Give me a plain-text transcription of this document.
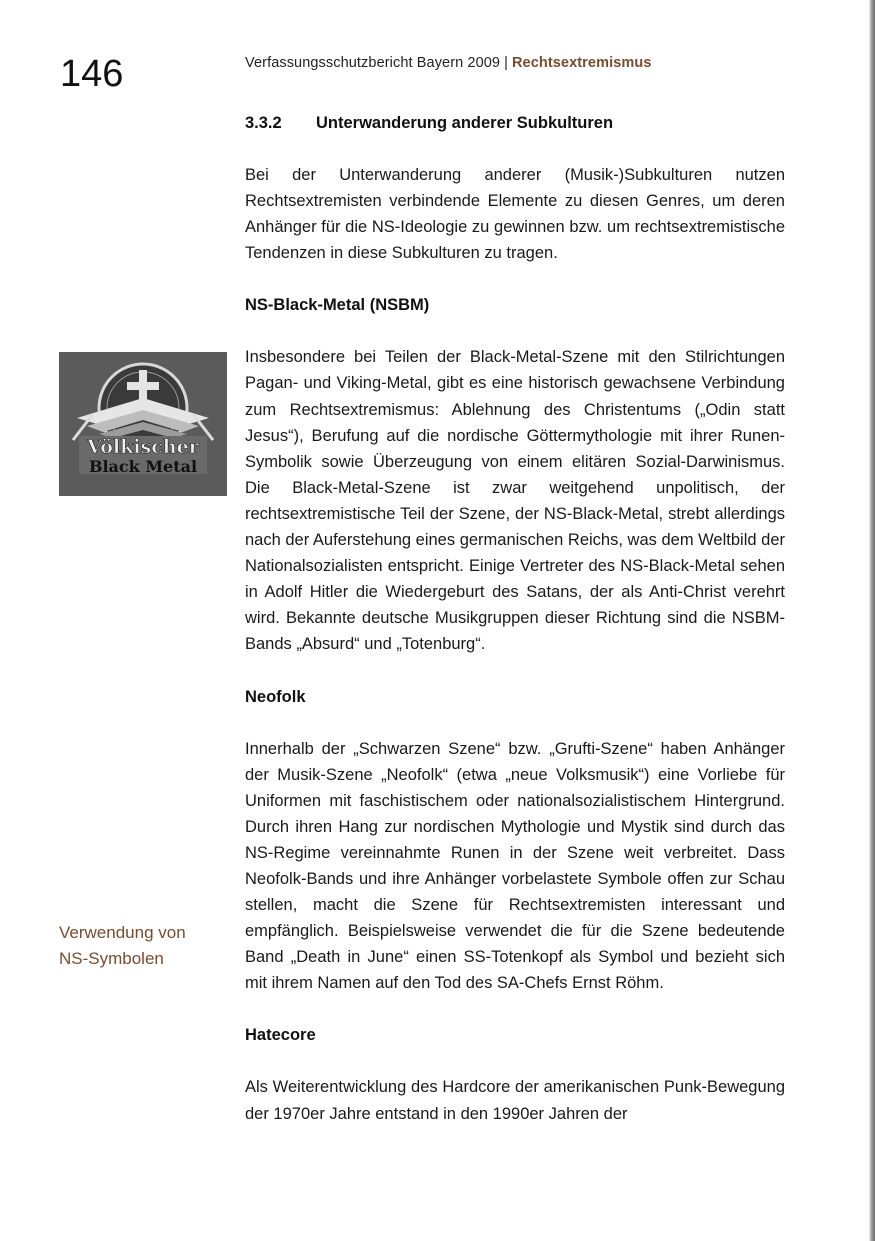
146	Verfassungsschutzbericht Bayern 2009 | Rechtsextremismus
Völkischer
Black Metal
Verwendung von
NS-Symbolen
3.3.2 Unterwanderung anderer Subkulturen

Bei der Unterwanderung anderer (Musik-)Subkulturen nutzen Rechtsextremisten verbindende Elemente zu diesen Genres, um deren Anhänger für die NS-Ideologie zu gewinnen bzw. um rechtsextremistische Tendenzen in diese Subkulturen zu tragen.

NS-Black-Metal (NSBM)

Insbesondere bei Teilen der Black-Metal-Szene mit den Stilrichtungen Pagan- und Viking-Metal, gibt es eine historisch gewachsene Verbindung zum Rechtsextremismus: Ablehnung des Christentums („Odin statt Jesus“), Berufung auf die nordische Göttermythologie mit ihrer Runen-Symbolik sowie Überzeugung von einem elitären Sozial-Darwinismus. Die Black-Metal-Szene ist zwar weitgehend unpolitisch, der rechtsextremistische Teil der Szene, der NS-Black-Metal, strebt allerdings nach der Auferstehung eines germanischen Reichs, was dem Weltbild der Nationalsozialisten entspricht. Einige Vertreter des NS-Black-Metal sehen in Adolf Hitler die Wiedergeburt des Satans, der als Anti-Christ verehrt wird. Bekannte deutsche Musikgruppen dieser Richtung sind die NSBM-Bands „Absurd“ und „Totenburg“.

Neofolk

Innerhalb der „Schwarzen Szene“ bzw. „Grufti-Szene“ haben Anhänger der Musik-Szene „Neofolk“ (etwa „neue Volksmusik“) eine Vorliebe für Uniformen mit faschistischem oder nationalsozialistischem Hintergrund. Durch ihren Hang zur nordischen Mythologie und Mystik sind durch das NS-Regime vereinnahmte Runen in der Szene weit verbreitet. Dass Neofolk-Bands und ihre Anhänger vorbelastete Symbole offen zur Schau stellen, macht die Szene für Rechtsextremisten interessant und empfänglich. Beispielsweise verwendet die für die Szene bedeutende Band „Death in June“ einen SS-Totenkopf als Symbol und bezieht sich mit ihrem Namen auf den Tod des SA-Chefs Ernst Röhm.

Hatecore

Als Weiterentwicklung des Hardcore der amerikanischen Punk-Bewegung der 1970er Jahre entstand in den 1990er Jahren der
